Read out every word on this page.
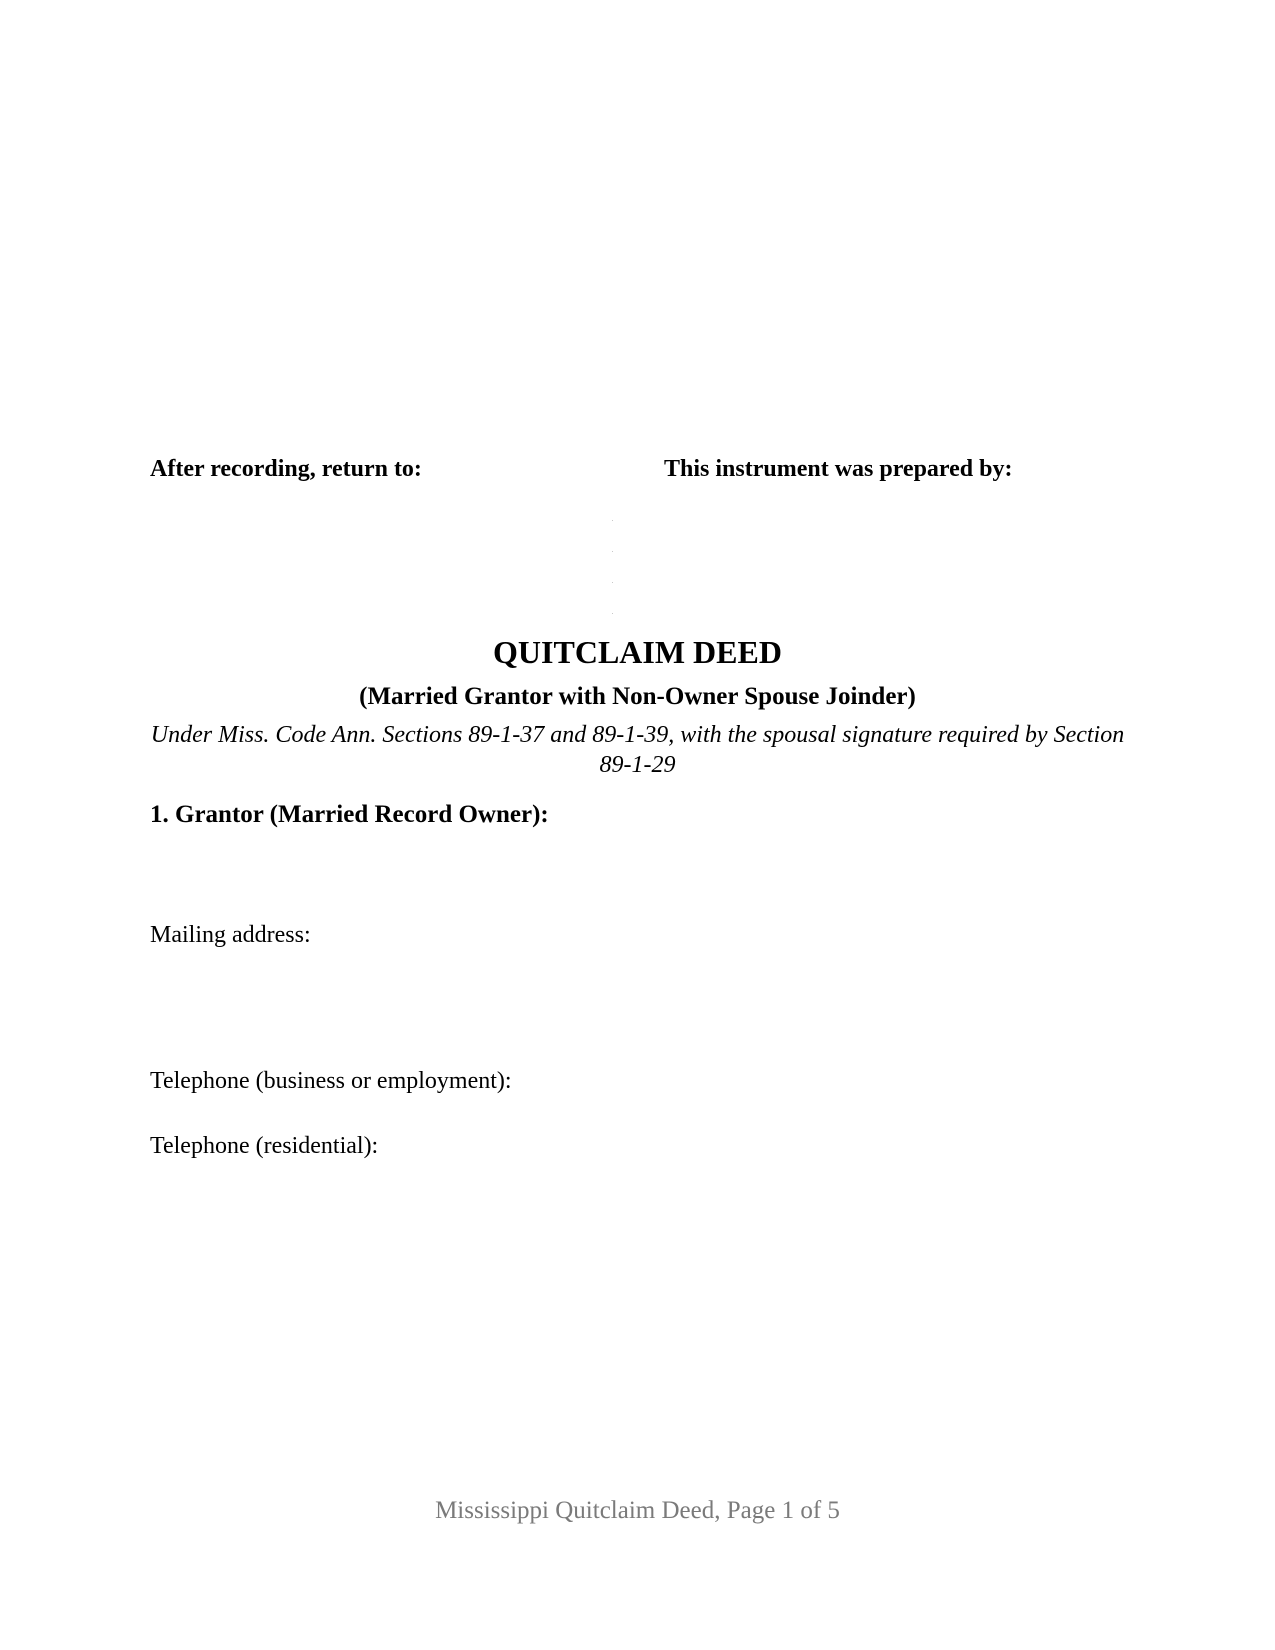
After recording, return to:	This instrument was prepared by:
QUITCLAIM DEED
(Married Grantor with Non-Owner Spouse Joinder)
Under Miss. Code Ann. Sections 89-1-37 and 89-1-39, with the spousal signature required by Section 89-1-29
1. Grantor (Married Record Owner):
Mailing address:
Telephone (business or employment):
Telephone (residential):
Mississippi Quitclaim Deed, Page 1 of 5
